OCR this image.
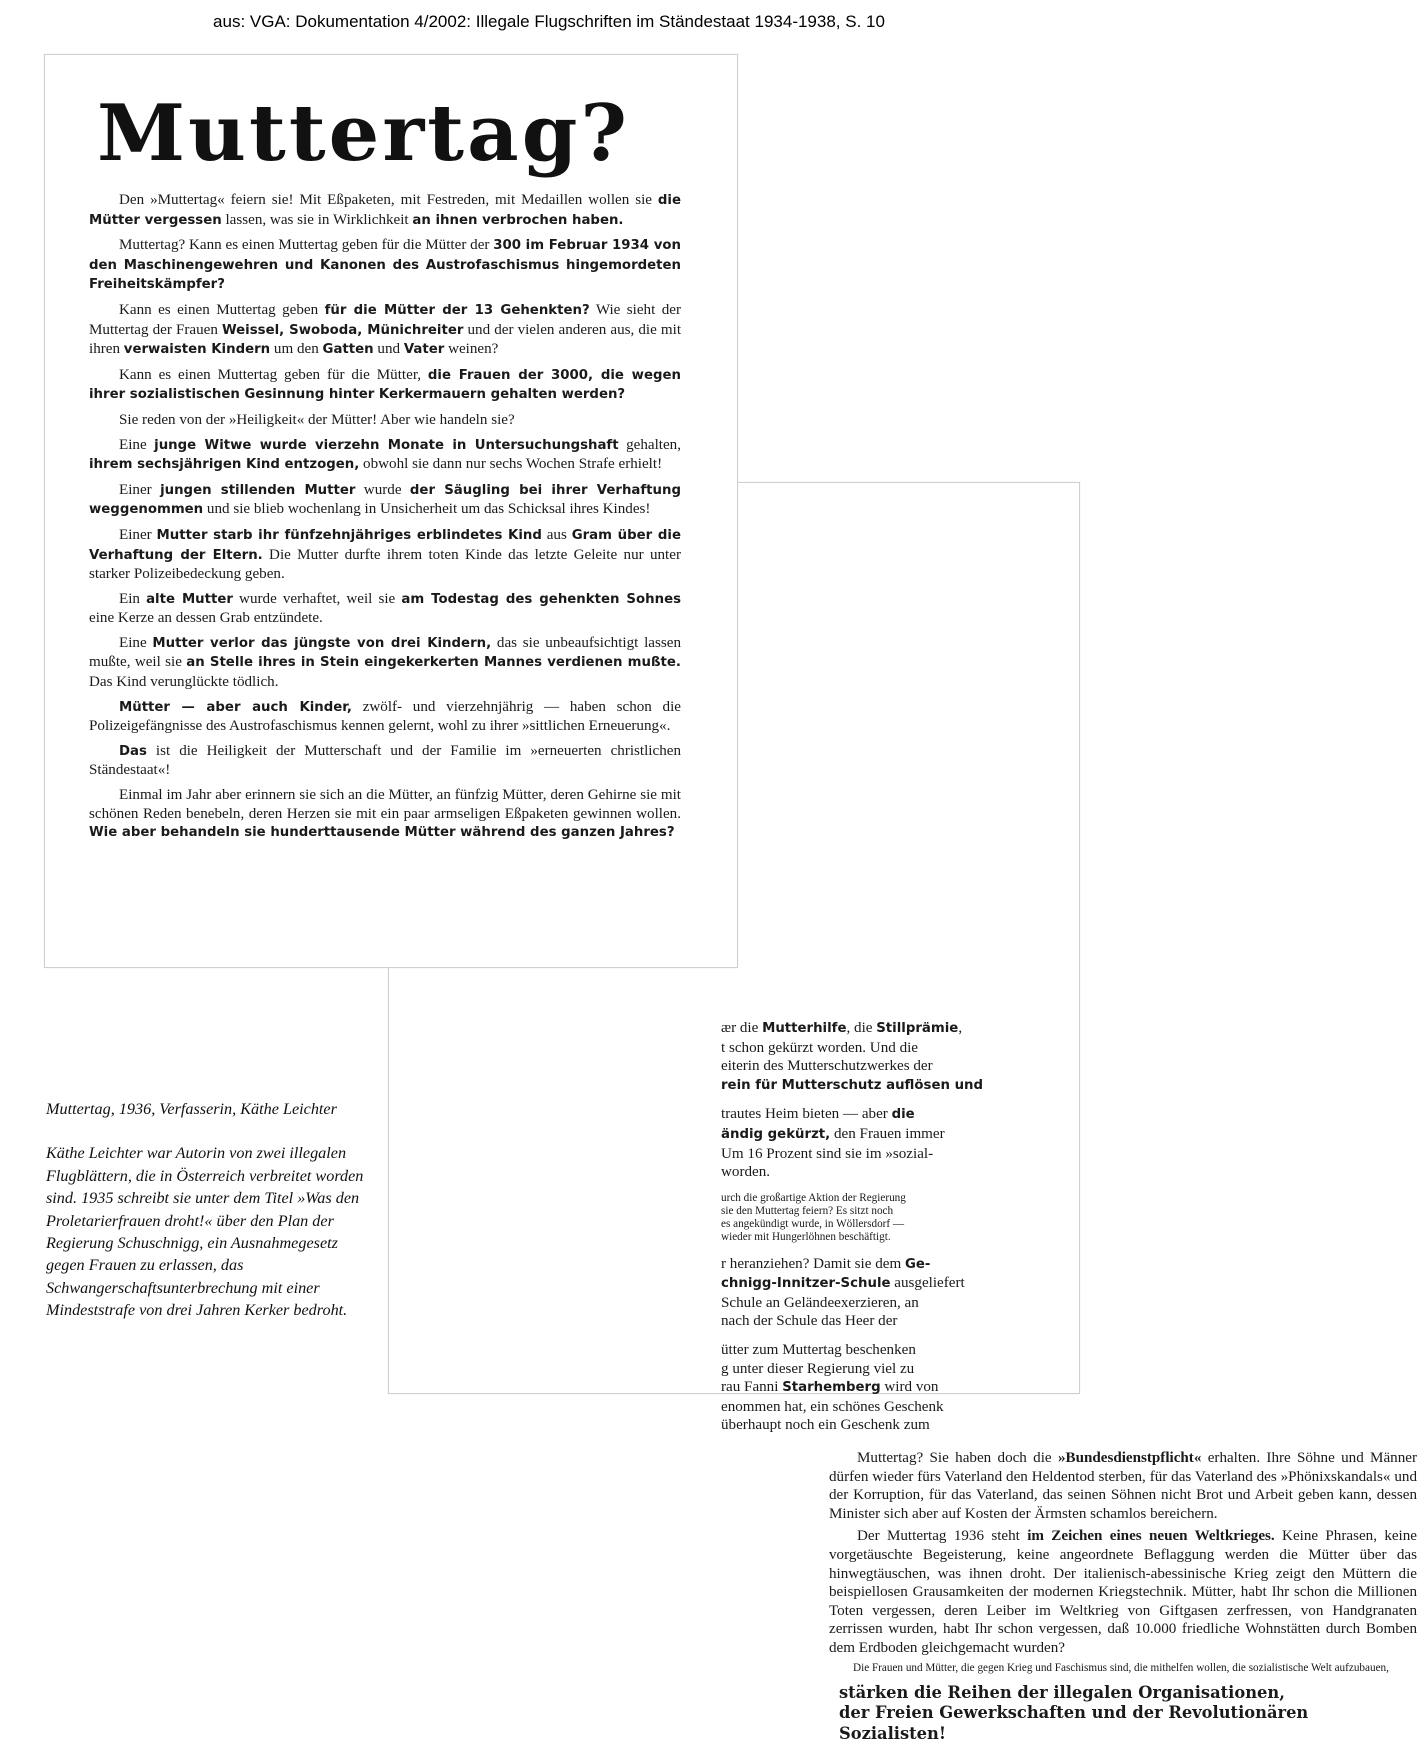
aus: VGA: Dokumentation 4/2002: Illegale Flugschriften im Ständestaat 1934-1938, S. 10
ær die Mutterhilfe, die Stillprämie,
t schon gekürzt worden. Und die
eiterin des Mutterschutzwerkes der
rein für Mutterschutz auflösen und
trautes Heim bieten — aber die
ändig gekürzt, den Frauen immer
Um 16 Prozent sind sie im »sozial-
worden.
urch die großartige Aktion der Regierung
sie den Muttertag feiern? Es sitzt noch
es angekündigt wurde, in Wöllersdorf —
wieder mit Hungerlöhnen beschäftigt.
r heranziehen? Damit sie dem Ge-
chnigg-Innitzer-Schule ausgeliefert
Schule an Geländeexerzieren, an
nach der Schule das Heer der
ütter zum Muttertag beschenken
g unter dieser Regierung viel zu
rau Fanni Starhemberg wird von
enommen hat, ein schönes Geschenk
überhaupt noch ein Geschenk zum

Muttertag? Sie haben doch die »Bundesdienstpflicht« erhalten. Ihre Söhne und Männer dürfen wieder fürs Vaterland den Heldentod sterben, für das Vaterland des »Phönixskandals« und der Korruption, für das Vaterland, das seinen Söhnen nicht Brot und Arbeit geben kann, dessen Minister sich aber auf Kosten der Ärmsten schamlos bereichern.

Der Muttertag 1936 steht im Zeichen eines neuen Weltkrieges. Keine Phrasen, keine vorgetäuschte Begeisterung, keine angeordnete Beflaggung werden die Mütter über das hinwegtäuschen, was ihnen droht. Der italienisch-abessinische Krieg zeigt den Müttern die beispiellosen Grausamkeiten der modernen Kriegstechnik. Mütter, habt Ihr schon die Millionen Toten vergessen, deren Leiber im Weltkrieg von Giftgasen zerfressen, von Handgranaten zerrissen wurden, habt Ihr schon vergessen, daß 10.000 friedliche Wohnstätten durch Bomben dem Erdboden gleichgemacht wurden?

Die Frauen und Mütter, die gegen Krieg und Faschismus sind, die mithelfen wollen, die sozialistische Welt aufzubauen,

stärken die Reihen der illegalen Organisationen,
der Freien Gewerkschaften und der Revolutionären
Sozialisten!
Muttertag?

Den »Muttertag« feiern sie! Mit Eßpaketen, mit Festreden, mit Medaillen wollen sie die Mütter vergessen lassen, was sie in Wirklichkeit an ihnen verbrochen haben.

Muttertag? Kann es einen Muttertag geben für die Mütter der 300 im Februar 1934 von den Maschinengewehren und Kanonen des Austrofaschismus hingemordeten Freiheitskämpfer?

Kann es einen Muttertag geben für die Mütter der 13 Gehenkten? Wie sieht der Muttertag der Frauen Weissel, Swoboda, Münichreiter und der vielen anderen aus, die mit ihren verwaisten Kindern um den Gatten und Vater weinen?

Kann es einen Muttertag geben für die Mütter, die Frauen der 3000, die wegen ihrer sozialistischen Gesinnung hinter Kerkermauern gehalten werden?

Sie reden von der »Heiligkeit« der Mütter! Aber wie handeln sie?

Eine junge Witwe wurde vierzehn Monate in Untersuchungshaft gehalten, ihrem sechsjährigen Kind entzogen, obwohl sie dann nur sechs Wochen Strafe erhielt!

Einer jungen stillenden Mutter wurde der Säugling bei ihrer Verhaftung weggenommen und sie blieb wochenlang in Unsicherheit um das Schicksal ihres Kindes!

Einer Mutter starb ihr fünfzehnjähriges erblindetes Kind aus Gram über die Verhaftung der Eltern. Die Mutter durfte ihrem toten Kinde das letzte Geleite nur unter starker Polizeibedeckung geben.

Ein alte Mutter wurde verhaftet, weil sie am Todestag des gehenkten Sohnes eine Kerze an dessen Grab entzündete.

Eine Mutter verlor das jüngste von drei Kindern, das sie unbeaufsichtigt lassen mußte, weil sie an Stelle ihres in Stein eingekerkerten Mannes verdienen mußte. Das Kind verunglückte tödlich.

Mütter — aber auch Kinder, zwölf- und vierzehnjährig — haben schon die Polizeigefängnisse des Austrofaschismus kennen gelernt, wohl zu ihrer »sittlichen Erneuerung«.

Das ist die Heiligkeit der Mutterschaft und der Familie im »erneuerten christlichen Ständestaat«!

Einmal im Jahr aber erinnern sie sich an die Mütter, an fünfzig Mütter, deren Gehirne sie mit schönen Reden benebeln, deren Herzen sie mit ein paar armseligen Eßpaketen gewinnen wollen. Wie aber behandeln sie hunderttausende Mütter während des ganzen Jahres?

Muttertag, 1936, Verfasserin, Käthe Leichter

Käthe Leichter war Autorin von zwei illegalen Flugblättern, die in Österreich verbreitet worden sind. 1935 schreibt sie unter dem Titel »Was den Proletarierfrauen droht!« über den Plan der Regierung Schuschnigg, ein Ausnahmegesetz gegen Frauen zu erlassen, das Schwangerschaftsunterbrechung mit einer Mindeststrafe von drei Jahren Kerker bedroht.
